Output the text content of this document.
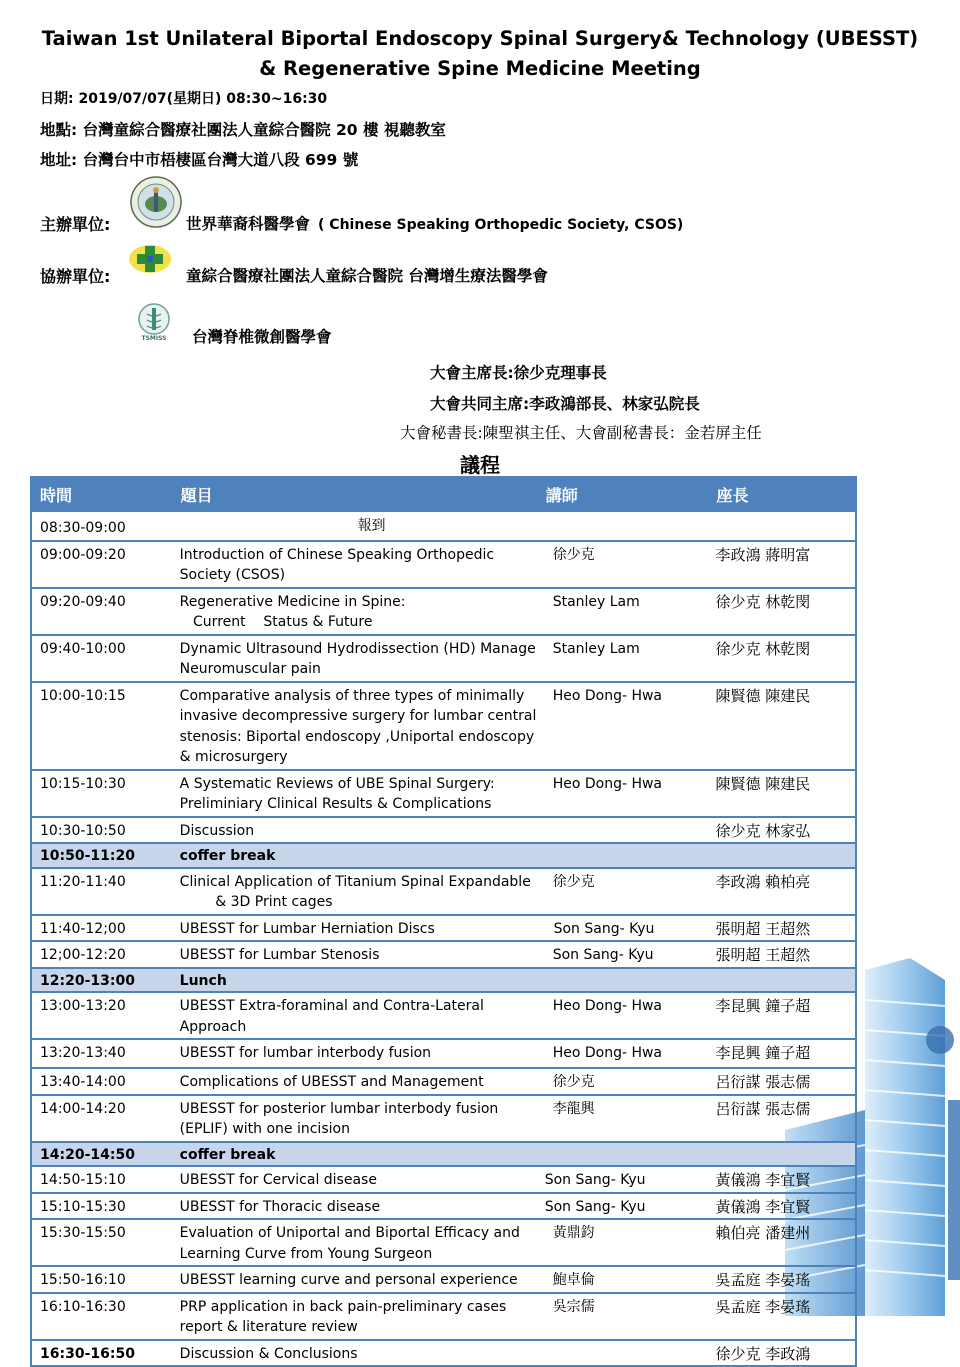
Taiwan 1st Unilateral Biportal Endoscopy Spinal Surgery& Technology (UBESST)
& Regenerative Spine Medicine Meeting
日期: 2019/07/07(星期日) 08:30~16:30
地點: 台灣童綜合醫療社團法人童綜合醫院 20 樓 視聽教室
地址: 台灣台中市梧棲區台灣大道八段 699 號
主辦單位:	世界華裔科醫學會 ( Chinese Speaking Orthopedic Society, CSOS)
協辦單位:	童綜合醫療社團法人童綜合醫院 台灣增生療法醫學會
TSMISS	台灣脊椎微創醫學會
大會主席長:徐少克理事長
大會共同主席:李政鴻部長、林家弘院長
大會秘書長:陳聖祺主任、大會副秘書長：金若屏主任
議程
時間	題目	講師	座長
08:30-09:00	報到		
09:00-09:20	Introduction of Chinese Speaking Orthopedic Society (CSOS)	徐少克	李政鴻 蔣明富
09:20-09:40	Regenerative Medicine in Spine:
Current    Status & Future	Stanley Lam	徐少克 林乾閔
09:40-10:00	Dynamic Ultrasound Hydrodissection (HD) Manage Neuromuscular pain	Stanley Lam	徐少克 林乾閔
10:00-10:15	Comparative analysis of three types of minimally invasive decompressive surgery for lumbar central stenosis: Biportal endoscopy ,Uniportal endoscopy & microsurgery	Heo Dong- Hwa	陳賢德 陳建民
10:15-10:30	A Systematic Reviews of UBE Spinal Surgery: Preliminiary Clinical Results & Complications	Heo Dong- Hwa	陳賢德 陳建民
10:30-10:50	Discussion		徐少克 林家弘
10:50-11:20	coffer break		
11:20-11:40	Clinical Application of Titanium Spinal Expandable
& 3D Print cages	徐少克	李政鴻 賴柏亮
11:40-12;00	UBESST for Lumbar Herniation Discs	Son Sang- Kyu	張明超 王超然
12;00-12:20	UBESST for Lumbar Stenosis	Son Sang- Kyu	張明超 王超然
12:20-13:00	Lunch		
13:00-13:20	UBESST Extra-foraminal and Contra-Lateral Approach	Heo Dong- Hwa	李昆興 鐘子超
13:20-13:40	UBESST for lumbar interbody fusion	Heo Dong- Hwa	李昆興 鐘子超
13:40-14:00	Complications of UBESST and Management	徐少克	呂衍謀 張志儒
14:00-14:20	UBESST for posterior lumbar interbody fusion (EPLIF) with one incision	李龍興	呂衍謀 張志儒
14:20-14:50	coffer break		
14:50-15:10	UBESST for Cervical disease	Son Sang- Kyu	黃儀鴻 李宜賢
15:10-15:30	UBESST for Thoracic disease	Son Sang- Kyu	黃儀鴻 李宜賢
15:30-15:50	Evaluation of Uniportal and Biportal Efficacy and Learning Curve from Young Surgeon	黃鼎鈞	賴伯亮 潘建州
15:50-16:10	UBESST learning curve and personal experience	鮑卓倫	吳孟庭 李晏瑤
16:10-16:30	PRP application in back pain-preliminary cases report & literature review	吳宗儒	吳孟庭 李晏瑤
16:30-16:50	Discussion & Conclusions		徐少克 李政鴻
